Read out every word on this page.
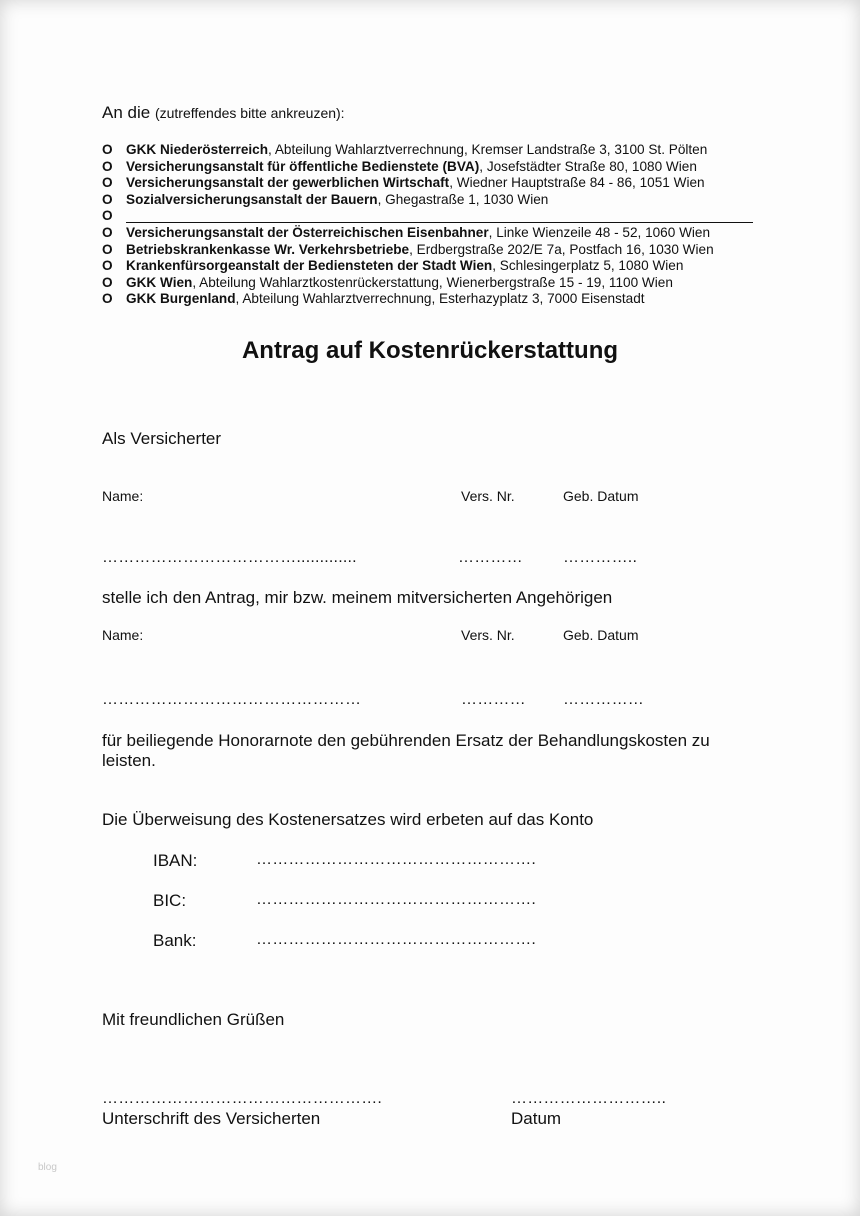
An die (zutreffendes bitte ankreuzen):
O GKK Niederösterreich, Abteilung Wahlarztverrechnung, Kremser Landstraße 3, 3100 St. Pölten
O Versicherungsanstalt für öffentliche Bedienstete (BVA), Josefstädter Straße 80, 1080 Wien
O Versicherungsanstalt der gewerblichen Wirtschaft, Wiedner Hauptstraße 84 - 86, 1051 Wien
O Sozialversicherungsanstalt der Bauern, Ghegastraße 1, 1030 Wien
O
O Versicherungsanstalt der Österreichischen Eisenbahner, Linke Wienzeile 48 - 52, 1060 Wien
O Betriebskrankenkasse Wr. Verkehrsbetriebe, Erdbergstraße 202/E 7a, Postfach 16, 1030 Wien
O Krankenfürsorgeanstalt der Bediensteten der Stadt Wien, Schlesingerplatz 5, 1080 Wien
O GKK Wien, Abteilung Wahlarztkostenrückerstattung, Wienerbergstraße 15 - 19, 1100 Wien
O GKK Burgenland, Abteilung Wahlarztverrechnung, Esterhazyplatz 3, 7000 Eisenstadt
Antrag auf Kostenrückerstattung
Als Versicherter
Name:	Vers. Nr.	Geb. Datum
……………………………….............	…………	…………..
stelle ich den Antrag, mir bzw. meinem mitversicherten Angehörigen
Name:	Vers. Nr.	Geb. Datum
…………………………………………	………… ……………
für beiliegende Honorarnote den gebührenden Ersatz der Behandlungskosten zu
leisten.
Die Überweisung des Kostenersatzes wird erbeten auf das Konto
IBAN:	…………………………………………….
BIC:	…………………………………………….
Bank:	…………………………………………….
Mit freundlichen Grüßen
…………………………………………….
Unterschrift des Versicherten
………………………..
Datum
blog
